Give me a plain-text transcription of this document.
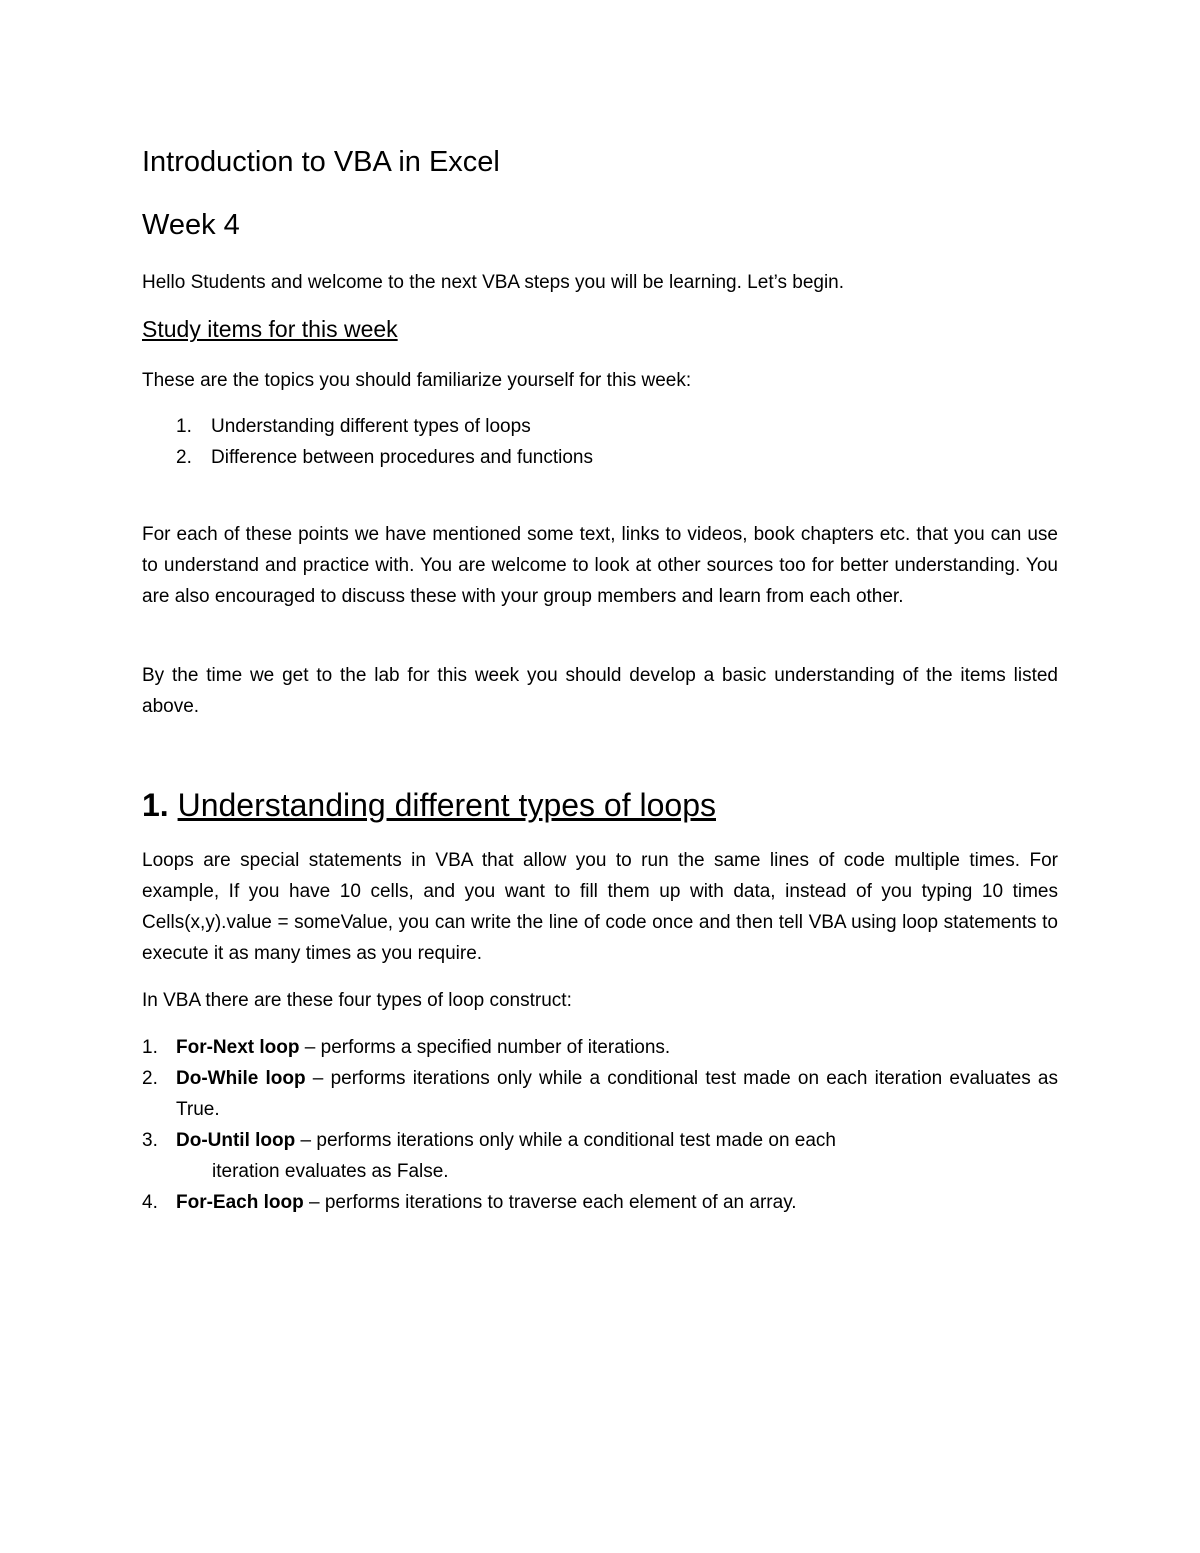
Introduction to VBA in Excel
Week 4
Hello Students and welcome to the next VBA steps you will be learning. Let’s begin.
Study items for this week
These are the topics you should familiarize yourself for this week:
1. Understanding different types of loops
2. Difference between procedures and functions

For each of these points we have mentioned some text, links to videos, book chapters etc. that you can use to understand and practice with. You are welcome to look at other sources too for better understanding. You are also encouraged to discuss these with your group members and learn from each other.

By the time we get to the lab for this week you should develop a basic understanding of the items listed above.

1. Understanding different types of loops

Loops are special statements in VBA that allow you to run the same lines of code multiple times. For example, If you have 10 cells, and you want to fill them up with data, instead of you typing 10 times Cells(x,y).value = someValue, you can write the line of code once and then tell VBA using loop statements to execute it as many times as you require.

In VBA there are these four types of loop construct:

1. For-Next loop – performs a specified number of iterations.
2. Do-While loop – performs iterations only while a conditional test made on each iteration evaluates as True.
3. Do-Until loop – performs iterations only while a conditional test made on each
iteration evaluates as False.
4. For-Each loop – performs iterations to traverse each element of an array.
